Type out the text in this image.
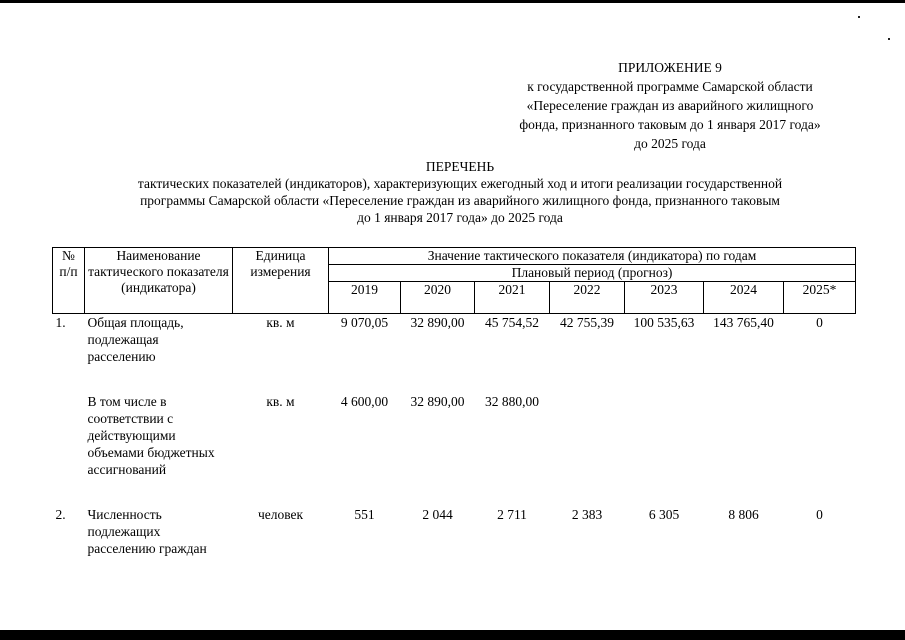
ПРИЛОЖЕНИЕ 9
к государственной программе Самарской области
«Переселение граждан из аварийного жилищного
фонда, признанного таковым до 1 января 2017 года»
до 2025 года
ПЕРЕЧЕНЬ
тактических показателей (индикаторов), характеризующих ежегодный ход и итоги реализации государственной
программы Самарской области «Переселение граждан из аварийного жилищного фонда, признанного таковым
до 1 января 2017 года» до 2025 года
№ п/п	Наименование тактического показателя (индикатора)	Единица измерения	Значение тактического показателя (индикатора) по годам						
			Плановый период (прогноз)						
			2019	2020	2021	2022	2023	2024	2025*
1.	Общая площадь, подлежащая расселению	кв. м	9 070,05	32 890,00	45 754,52	42 755,39	100 535,63	143 765,40	0

	В том числе в соответствии с действующими объемами бюджетных ассигнований	кв. м	4 600,00	32 890,00	32 880,00				

2.	Численность подлежащих расселению граждан	человек	551	2 044	2 711	2 383	6 305	8 806	0
